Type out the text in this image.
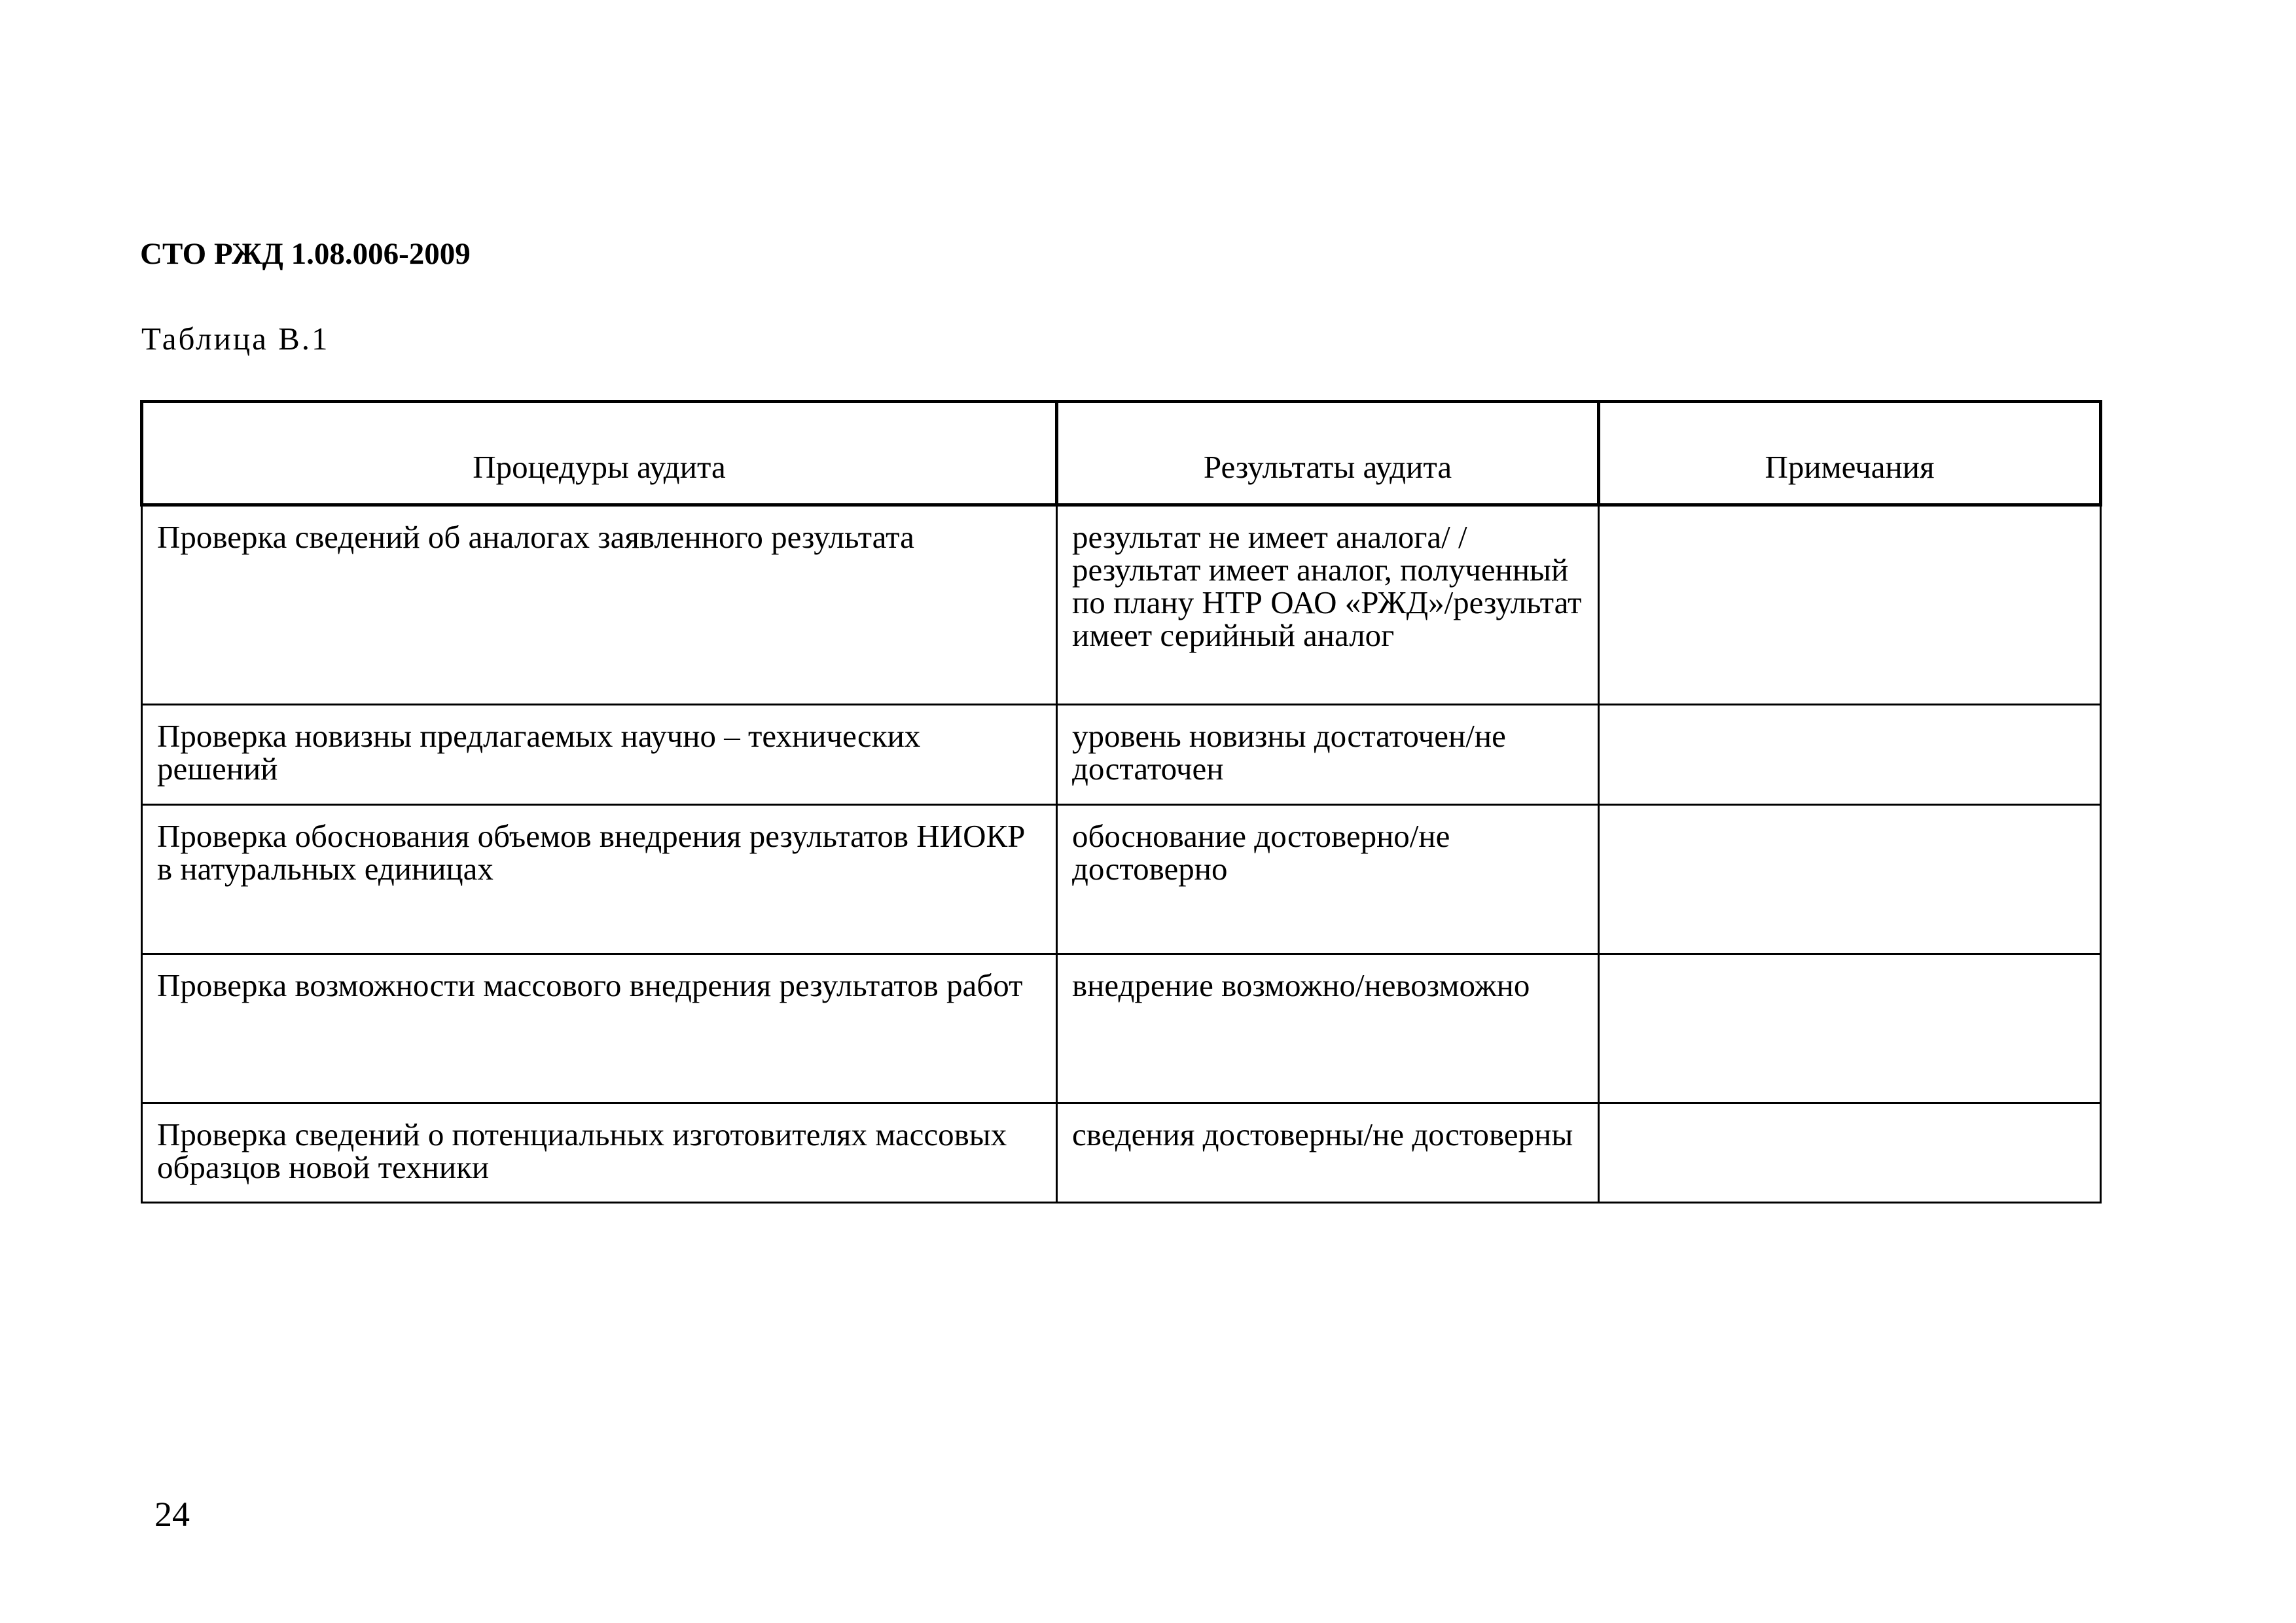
СТО РЖД 1.08.006-2009
Таблица В.1
Процедуры аудита	Результаты аудита	Примечания
Проверка сведений об аналогах заявленного результата	результат не имеет аналога/ /результат имеет аналог, полученный по плану НТР ОАО «РЖД»/результат имеет серийный аналог	
Проверка новизны предлагаемых научно – технических решений	уровень новизны достаточен/не достаточен	
Проверка обоснования объемов внедрения результатов НИОКР в натуральных единицах	обоснование достоверно/не достоверно	
Проверка возможности массового внедрения результатов работ	внедрение возможно/невозможно	
Проверка сведений о потенциальных изготовителях массовых образцов новой техники	сведения достоверны/не достоверны	
24
